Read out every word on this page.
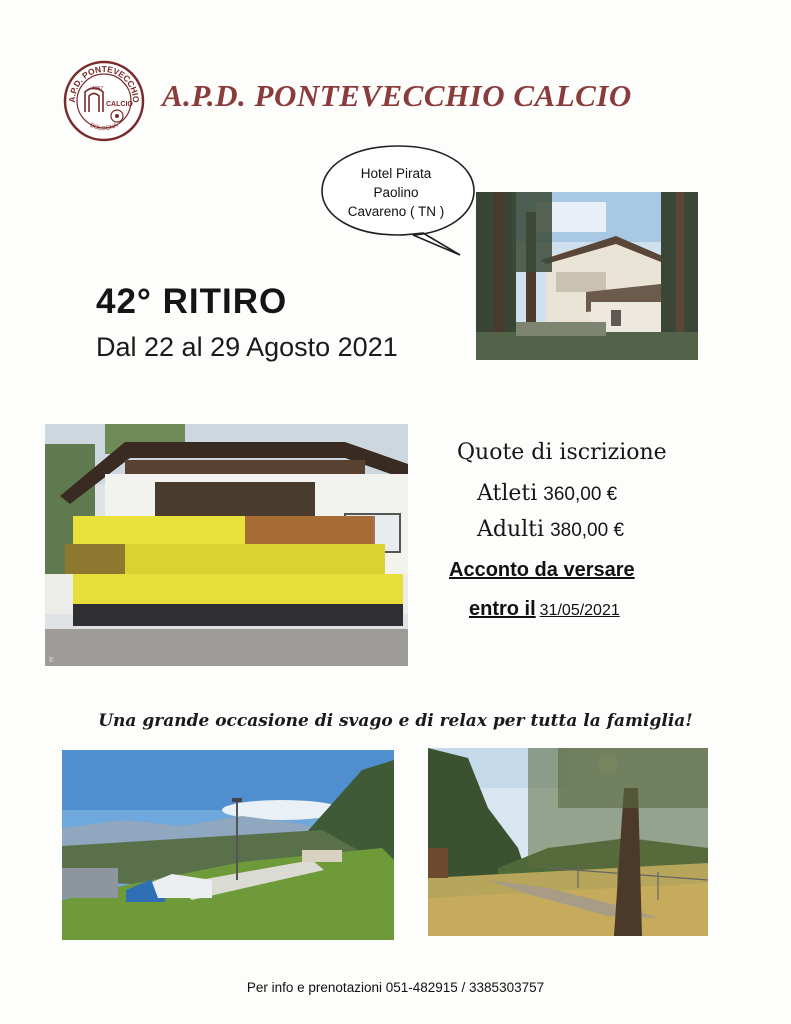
A.P.D. PONTEVECCHIO
BOLOGNA
1957
CALCIO A.P.D. PONTEVECCHIO CALCIO
Hotel Pirata
Paolino
Cavareno ( TN )
42° RITIRO
Dal 22 al 29 Agosto 2021
©
Quote di iscrizione
Atleti 360,00 €
Adulti 380,00 €
Acconto da versare
entro il 31/05/2021
Una grande occasione di svago e di relax per tutta la famiglia!
Per info e prenotazioni 051-482915 / 3385303757
